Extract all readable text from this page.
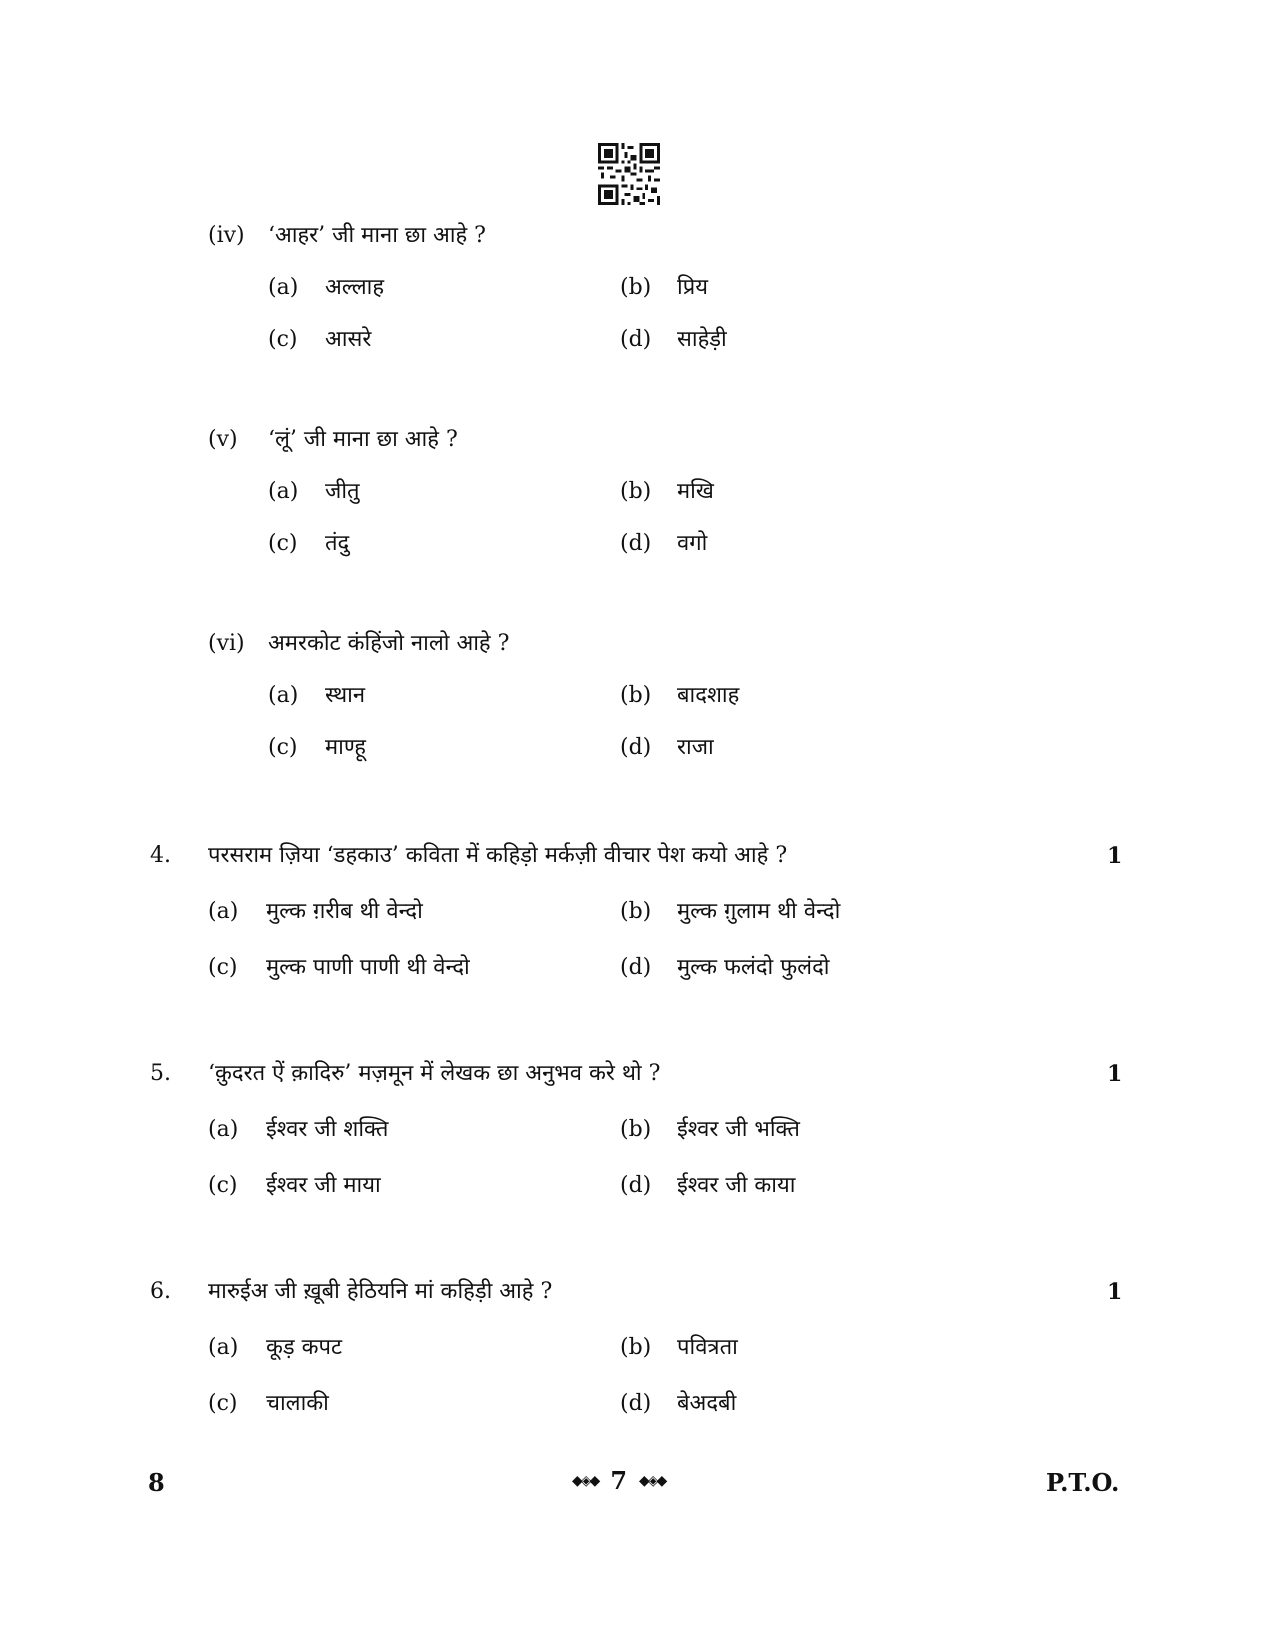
(iv) ‘आहर’ जी माना छा आहे ?
(a) अल्लाह	(b) प्रिय
(c) आसरे	(d) साहेड़ी
(v) ‘लूं’ जी माना छा आहे ?
(a) जीतु	(b) मखि
(c) तंदु	(d) वगो
(vi) अमरकोट कंहिंजो नालो आहे ?
(a) स्थान	(b) बादशाह
(c) माण्हू	(d) राजा
4. परसराम ज़िया ‘डहकाउ’ कविता में कहिड़ो मर्कज़ी वीचार पेश कयो आहे ?	1
(a) मुल्क ग़रीब थी वेन्दो	(b) मुल्क ग़ुलाम थी वेन्दो
(c) मुल्क पाणी पाणी थी वेन्दो	(d) मुल्क फलंदो फुलंदो
5. ‘क़ुदरत ऐं क़ादिरु’ मज़मून में लेखक छा अनुभव करे थो ?	1
(a) ईश्वर जी शक्ति	(b) ईश्वर जी भक्ति
(c) ईश्वर जी माया	(d) ईश्वर जी काया
6. मारुईअ जी ख़ूबी हेठियनि मां कहिड़ी आहे ?	1
(a) कूड़ कपट	(b) पवित्रता
(c) चालाकी	(d) बेअदबी
8	◆◈◆ 7 ◆◈◆	P.T.O.
